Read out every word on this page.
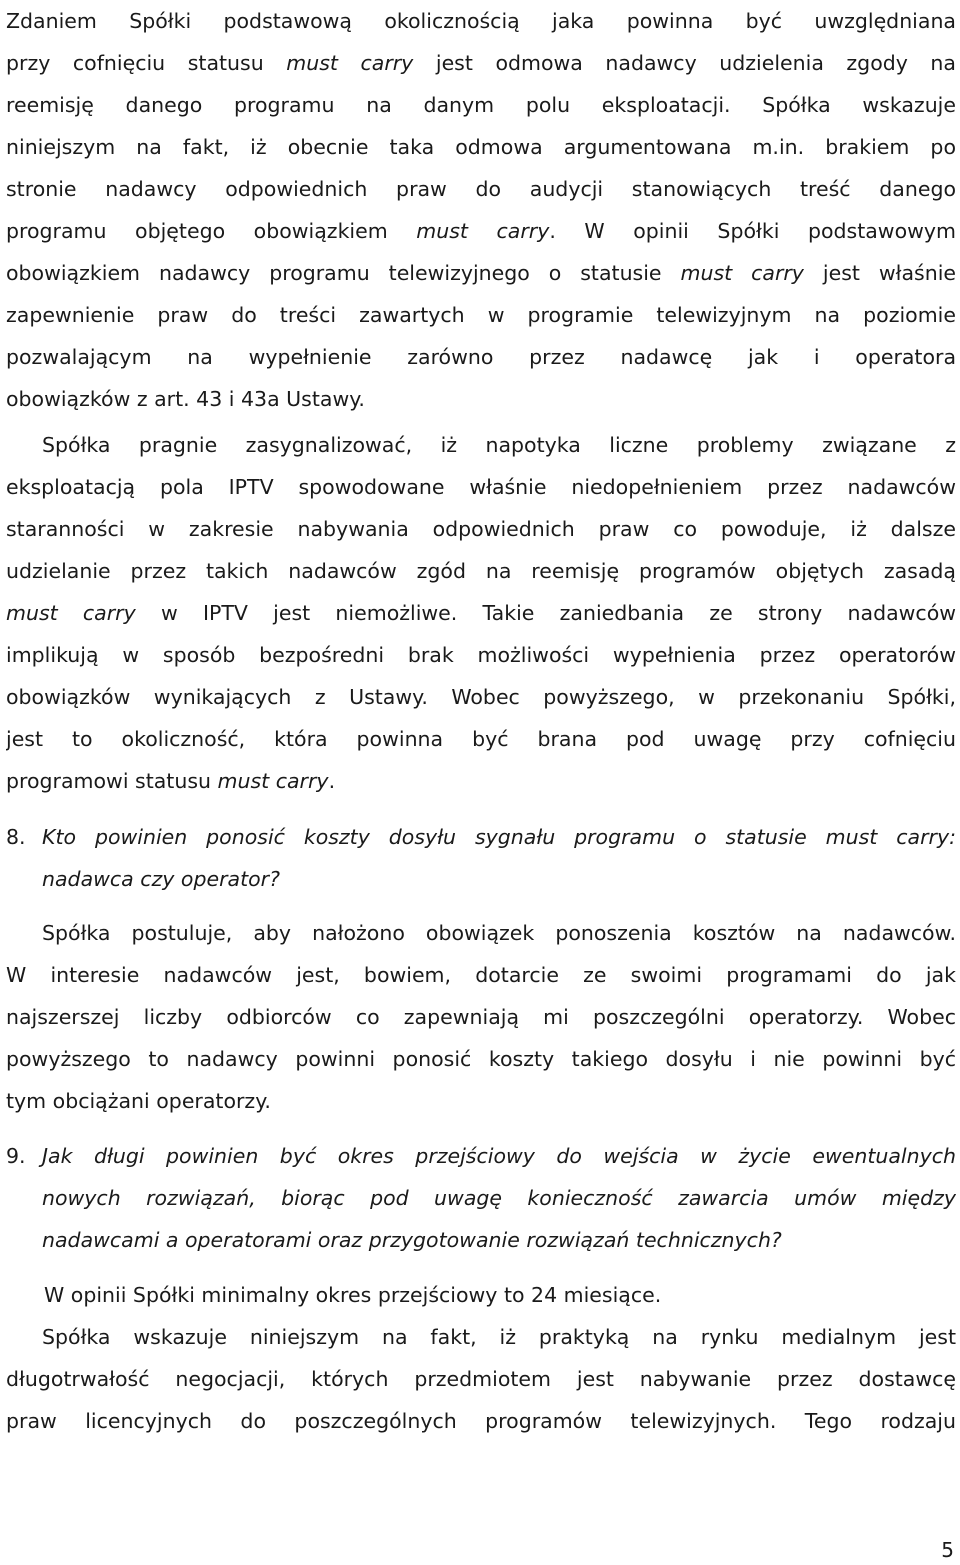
Zdaniem Spółki podstawową okolicznością jaka powinna być uwzględniana
przy cofnięciu statusu must carry jest odmowa nadawcy udzielenia zgody na
reemisję danego programu na danym polu eksploatacji. Spółka wskazuje
niniejszym na fakt, iż obecnie taka odmowa argumentowana m.in. brakiem po
stronie nadawcy odpowiednich praw do audycji stanowiących treść danego
programu objętego obowiązkiem must carry. W opinii Spółki podstawowym
obowiązkiem nadawcy programu telewizyjnego o statusie must carry jest właśnie
zapewnienie praw do treści zawartych w programie telewizyjnym na poziomie
pozwalającym na wypełnienie zarówno przez nadawcę jak i operatora
obowiązków z art. 43 i 43a Ustawy.
Spółka pragnie zasygnalizować, iż napotyka liczne problemy związane z
eksploatacją pola IPTV spowodowane właśnie niedopełnieniem przez nadawców
staranności w zakresie nabywania odpowiednich praw co powoduje, iż dalsze
udzielanie przez takich nadawców zgód na reemisję programów objętych zasadą
must carry w IPTV jest niemożliwe. Takie zaniedbania ze strony nadawców
implikują w sposób bezpośredni brak możliwości wypełnienia przez operatorów
obowiązków wynikających z Ustawy. Wobec powyższego, w przekonaniu Spółki,
jest to okoliczność, która powinna być brana pod uwagę przy cofnięciu
programowi statusu must carry.
8. Kto powinien ponosić koszty dosyłu sygnału programu o statusie must carry:
nadawca czy operator?
Spółka postuluje, aby nałożono obowiązek ponoszenia kosztów na nadawców.
W interesie nadawców jest, bowiem, dotarcie ze swoimi programami do jak
najszerszej liczby odbiorców co zapewniają mi poszczególni operatorzy. Wobec
powyższego to nadawcy powinni ponosić koszty takiego dosyłu i nie powinni być
tym obciążani operatorzy.
9. Jak długi powinien być okres przejściowy do wejścia w życie ewentualnych
nowych rozwiązań, biorąc pod uwagę konieczność zawarcia umów między
nadawcami a operatorami oraz przygotowanie rozwiązań technicznych?
W opinii Spółki minimalny okres przejściowy to 24 miesiące.
Spółka wskazuje niniejszym na fakt, iż praktyką na rynku medialnym jest
długotrwałość negocjacji, których przedmiotem jest nabywanie przez dostawcę
praw licencyjnych do poszczególnych programów telewizyjnych. Tego rodzaju
5
